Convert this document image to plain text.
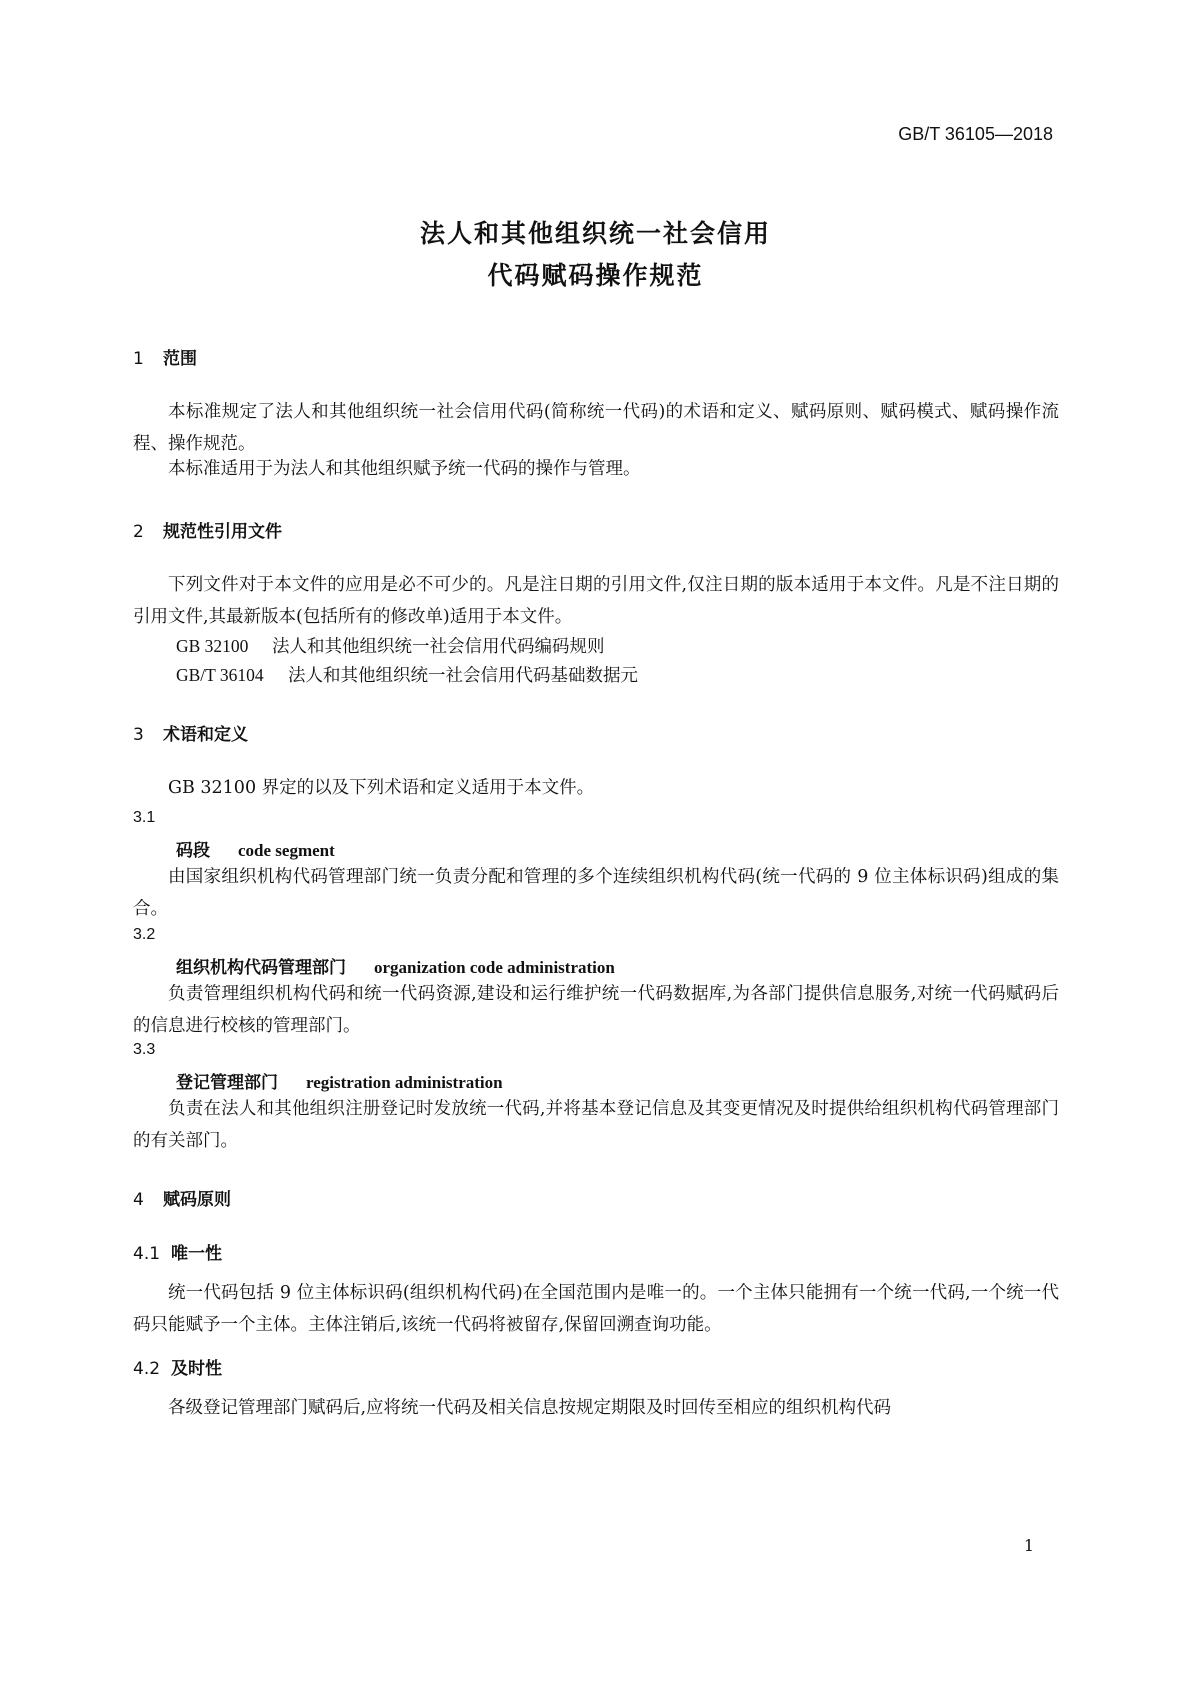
GB/T 36105—2018
法人和其他组织统一社会信用
代码赋码操作规范
1 范围
本标准规定了法人和其他组织统一社会信用代码(简称统一代码)的术语和定义、赋码原则、赋码模式、赋码操作流程、操作规范。
本标准适用于为法人和其他组织赋予统一代码的操作与管理。
2 规范性引用文件
下列文件对于本文件的应用是必不可少的。凡是注日期的引用文件,仅注日期的版本适用于本文件。凡是不注日期的引用文件,其最新版本(包括所有的修改单)适用于本文件。
GB 32100 法人和其他组织统一社会信用代码编码规则
GB/T 36104 法人和其他组织统一社会信用代码基础数据元
3 术语和定义
GB 32100 界定的以及下列术语和定义适用于本文件。
3.1
码段 code segment
由国家组织机构代码管理部门统一负责分配和管理的多个连续组织机构代码(统一代码的 9 位主体标识码)组成的集合。
3.2
组织机构代码管理部门 organization code administration
负责管理组织机构代码和统一代码资源,建设和运行维护统一代码数据库,为各部门提供信息服务,对统一代码赋码后的信息进行校核的管理部门。
3.3
登记管理部门 registration administration
负责在法人和其他组织注册登记时发放统一代码,并将基本登记信息及其变更情况及时提供给组织机构代码管理部门的有关部门。
4 赋码原则
4.1 唯一性
统一代码包括 9 位主体标识码(组织机构代码)在全国范围内是唯一的。一个主体只能拥有一个统一代码,一个统一代码只能赋予一个主体。主体注销后,该统一代码将被留存,保留回溯查询功能。
4.2 及时性
各级登记管理部门赋码后,应将统一代码及相关信息按规定期限及时回传至相应的组织机构代码
1
